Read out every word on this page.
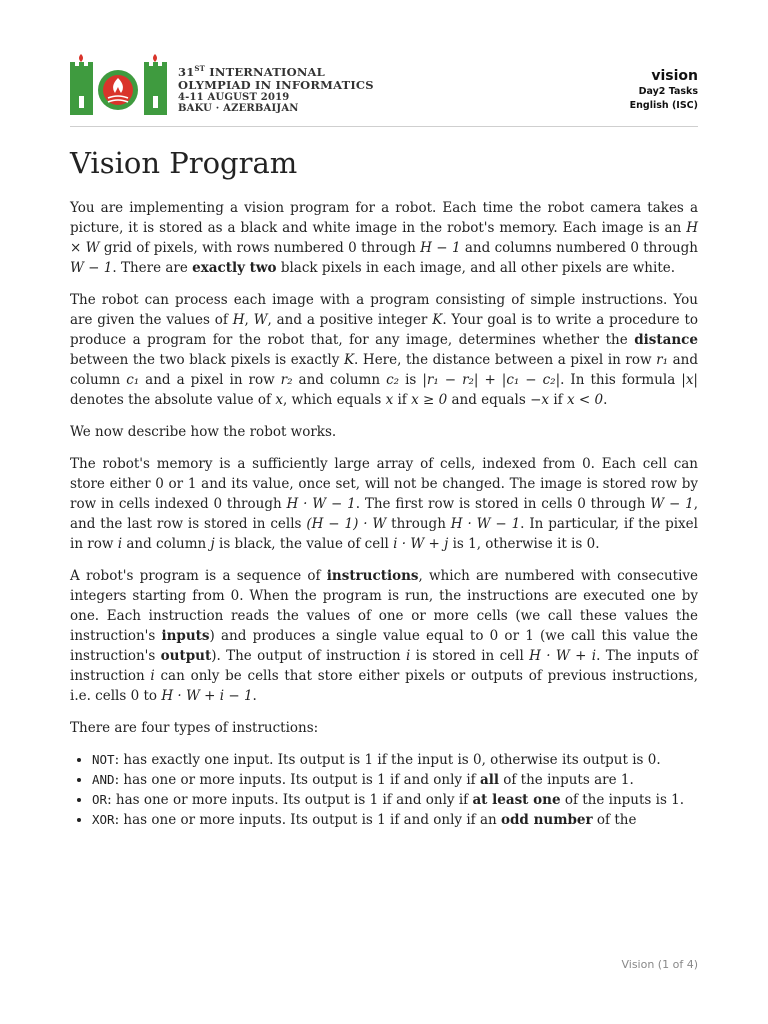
31ST INTERNATIONAL
OLYMPIAD IN INFORMATICS
4-11 AUGUST 2019
BAKU · AZERBAIJAN
vision
Day2 Tasks
English (ISC)
Vision Program

You are implementing a vision program for a robot. Each time the robot camera takes a picture, it is stored as a black and white image in the robot's memory. Each image is an H × W grid of pixels, with rows numbered 0 through H − 1 and columns numbered 0 through W − 1. There are exactly two black pixels in each image, and all other pixels are white.

The robot can process each image with a program consisting of simple instructions. You are given the values of H, W, and a positive integer K. Your goal is to write a procedure to produce a program for the robot that, for any image, determines whether the distance between the two black pixels is exactly K. Here, the distance between a pixel in row r₁ and column c₁ and a pixel in row r₂ and column c₂ is |r₁ − r₂| + |c₁ − c₂|. In this formula |x| denotes the absolute value of x, which equals x if x ≥ 0 and equals −x if x < 0.

We now describe how the robot works.

The robot's memory is a sufficiently large array of cells, indexed from 0. Each cell can store either 0 or 1 and its value, once set, will not be changed. The image is stored row by row in cells indexed 0 through H · W − 1. The first row is stored in cells 0 through W − 1, and the last row is stored in cells (H − 1) · W through H · W − 1. In particular, if the pixel in row i and column j is black, the value of cell i · W + j is 1, otherwise it is 0.

A robot's program is a sequence of instructions, which are numbered with consecutive integers starting from 0. When the program is run, the instructions are executed one by one. Each instruction reads the values of one or more cells (we call these values the instruction's inputs) and produces a single value equal to 0 or 1 (we call this value the instruction's output). The output of instruction i is stored in cell H · W + i. The inputs of instruction i can only be cells that store either pixels or outputs of previous instructions, i.e. cells 0 to H · W + i − 1.

There are four types of instructions:

• NOT: has exactly one input. Its output is 1 if the input is 0, otherwise its output is 0.
• AND: has one or more inputs. Its output is 1 if and only if all of the inputs are 1.
• OR: has one or more inputs. Its output is 1 if and only if at least one of the inputs is 1.
• XOR: has one or more inputs. Its output is 1 if and only if an odd number of the
Vision (1 of 4)
